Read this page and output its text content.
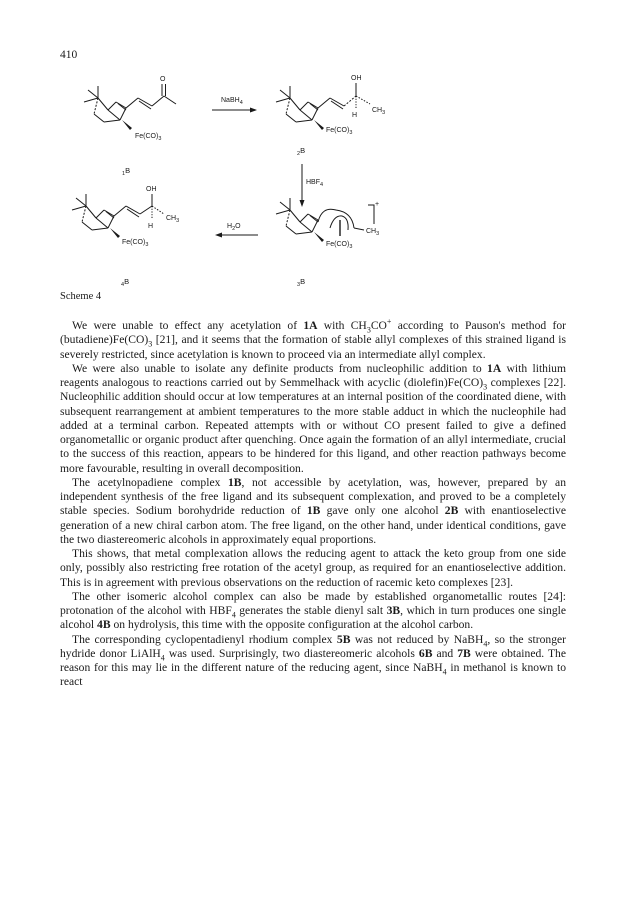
410
O
Fe(CO)3
1B
NaBH4
OH
H
CH3
Fe(CO)3
2B
HBF4
CH3
+
Fe(CO)3
3B
H2O
OH
H
CH3
Fe(CO)3
4B
Scheme 4

We were unable to effect any acetylation of 1A with $CH_3CO^+$ according to Pauson's method for $(butadiene)Fe(CO)_3$ [21], and it seems that the formation of stable allyl complexes of this strained ligand is severely restricted, since acetylation is known to proceed via an intermediate allyl complex.

We were also unable to isolate any definite products from nucleophilic addition to 1A with lithium reagents analogous to reactions carried out by Semmelhack with acyclic $(diolefin)Fe(CO)_3$ complexes [22]. Nucleophilic addition should occur at low temperatures at an internal position of the coordinated diene, with subsequent rearrangement at ambient temperatures to the more stable adduct in which the nucleophile had added at a terminal carbon. Repeated attempts with or without CO present failed to give a defined organometallic or organic product after quenching. Once again the formation of an allyl intermediate, crucial to the success of this reaction, appears to be hindered for this ligand, and other reaction pathways become more favourable, resulting in overall decomposition.

The acetylnopadiene complex 1B, not accessible by acetylation, was, however, prepared by an independent synthesis of the free ligand and its subsequent complexation, and proved to be a completely stable species. Sodium borohydride reduction of 1B gave only one alcohol 2B with enantioselective generation of a new chiral carbon atom. The free ligand, on the other hand, under identical conditions, gave the two diastereomeric alcohols in approximately equal proportions.

This shows, that metal complexation allows the reducing agent to attack the keto group from one side only, possibly also restricting free rotation of the acetyl group, as required for an enantioselective addition. This is in agreement with previous observations on the reduction of racemic keto complexes [23].

The other isomeric alcohol complex can also be made by established organometallic routes [24]: protonation of the alcohol with $HBF_4$ generates the stable dienyl salt 3B, which in turn produces one single alcohol 4B on hydrolysis, this time with the opposite configuration at the alcohol carbon.

The corresponding cyclopentadienyl rhodium complex 5B was not reduced by NaBH$_4$, so the stronger hydride donor LiAlH$_4$ was used. Surprisingly, two diastereomeric alcohols 6B and 7B were obtained. The reason for this may lie in the different nature of the reducing agent, since NaBH$_4$ in methanol is known to react
